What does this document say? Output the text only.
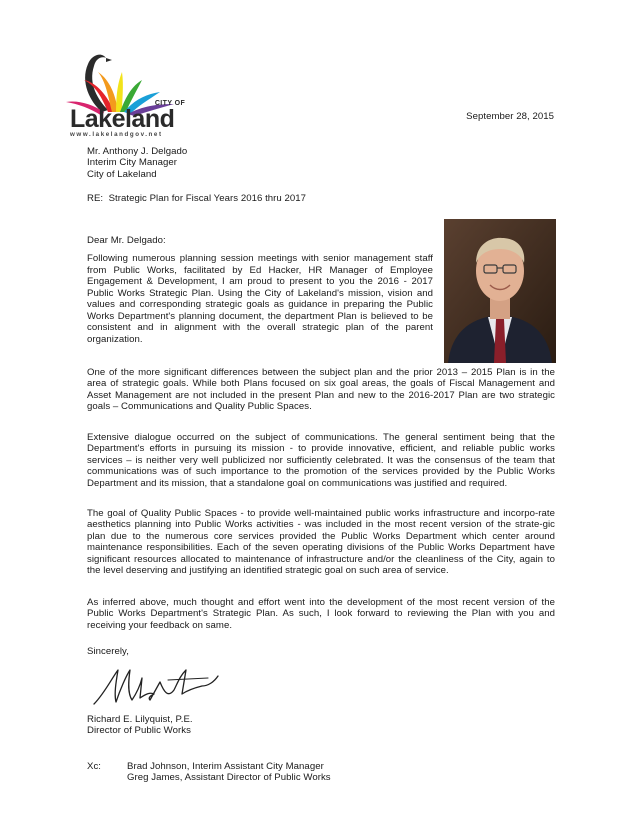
CITY OF
Lakeland
www.lakelandgov.net
September 28, 2015
Mr. Anthony J. Delgado
Interim City Manager
City of Lakeland
RE:  Strategic Plan for Fiscal Years 2016 thru 2017
Dear Mr. Delgado:
Following numerous planning session meetings with senior management staff from Public Works, facilitated by Ed Hacker, HR Manager of Employee Engagement & Development, I am proud to present to you the 2016 - 2017 Public Works Strategic Plan. Using the City of Lakeland's mission, vision and values and corresponding strategic goals as guidance in preparing the Public Works Department's planning document, the department Plan is believed to be consistent and in alignment with the overall strategic plan of the parent organization.
One of the more significant differences between the subject plan and the prior 2013 – 2015 Plan is in the area of strategic goals. While both Plans focused on six goal areas, the goals of Fiscal Management and Asset Management are not included in the present Plan and new to the 2016-2017 Plan are two strategic goals – Communications and Quality Public Spaces.
Extensive dialogue occurred on the subject of communications. The general sentiment being that the Department's efforts in pursuing its mission - to provide innovative, efficient, and reliable public works services – is neither very well publicized nor sufficiently celebrated. It was the consensus of the team that communications was of such importance to the promotion of the services provided by the Public Works Department and its mission, that a standalone goal on communications was justified and required.
The goal of Quality Public Spaces - to provide well-maintained public works infrastructure and incorpo-rate aesthetics planning into Public Works activities - was included in the most recent version of the strate-gic plan due to the numerous core services provided the Public Works Department which center around maintenance responsibilities. Each of the seven operating divisions of the Public Works Department have significant resources allocated to maintenance of infrastructure and/or the cleanliness of the City, again to the level deserving and justifying an identified strategic goal on such area of service.
As inferred above, much thought and effort went into the development of the most recent version of the Public Works Department's Strategic Plan. As such, I look forward to reviewing the Plan with you and receiving your feedback on same.
Sincerely,
Richard E. Lilyquist, P.E.
Director of Public Works
Xc:	Brad Johnson, Interim Assistant City Manager
Greg James, Assistant Director of Public Works
